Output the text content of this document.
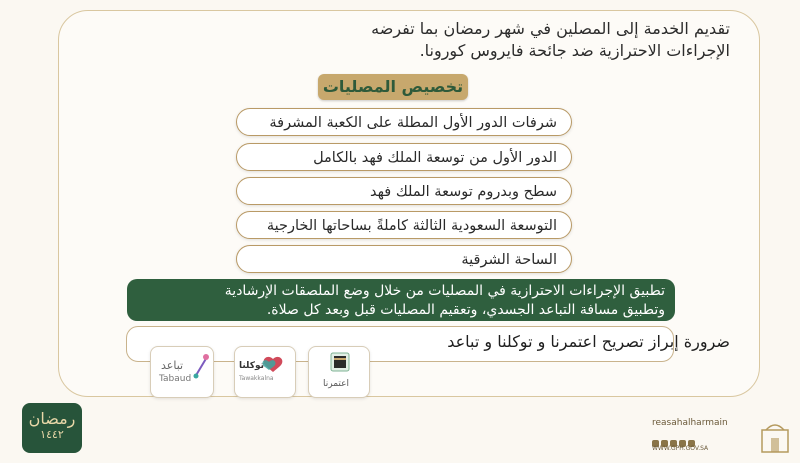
تقديم الخدمة إلى المصلين في شهر رمضان بما تفرضه
الإجراءات الاحترازية ضد جائحة فايروس كورونا.
تخصيص المصليات
شرفات الدور الأول المطلة على الكعبة المشرفة
الدور الأول من توسعة الملك فهد بالكامل
سطح وبدروم توسعة الملك فهد
التوسعة السعودية الثالثة كاملةً بساحاتها الخارجية
الساحة الشرقية
تطبيق الإجراءات الاحترازية في المصليات من خلال وضع الملصقات الإرشادية
وتطبيق مسافة التباعد الجسدي، وتعقيم المصليات قبل وبعد كل صلاة.
ضرورة إبراز تصريح اعتمرنا و توكلنا و تباعد
اعتمرنا
توكلنا
Tawakkalna
تباعد
Tabaud
رمضان
١٤٤٢
reasahalharmain
WWW.GPH.GOV.SA
